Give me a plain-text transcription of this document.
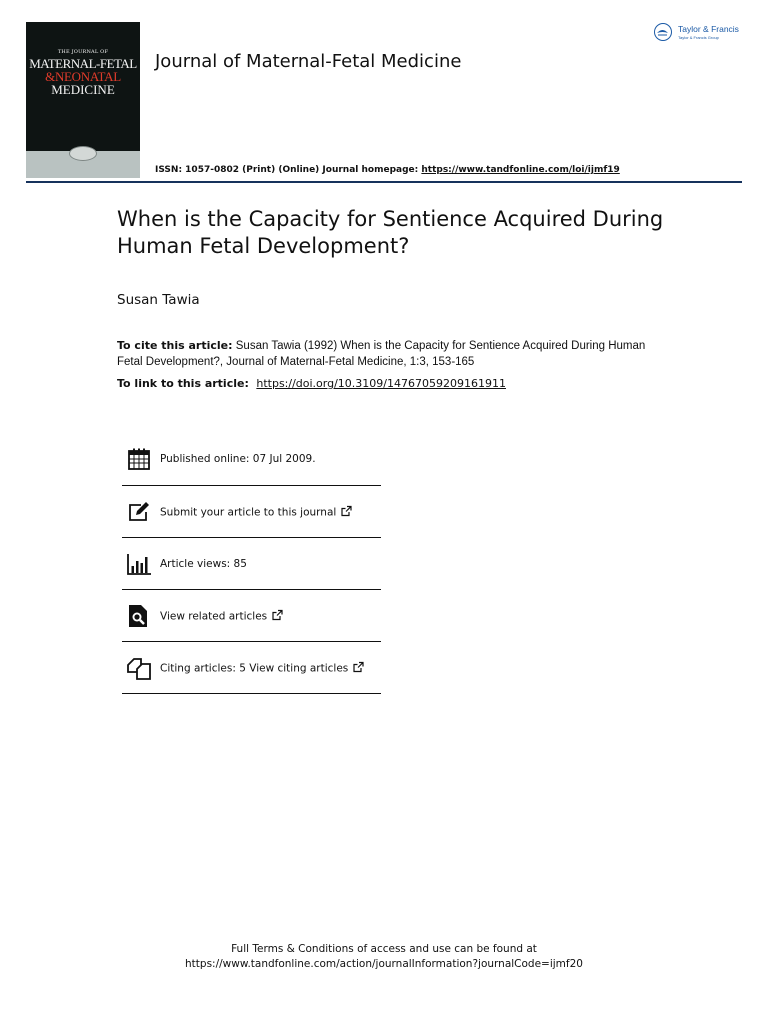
THE JOURNAL OF
MATERNAL-FETAL
&NEONATAL
MEDICINE
Journal of Maternal-Fetal Medicine
Taylor & Francis
Taylor & Francis Group
ISSN: 1057-0802 (Print) (Online) Journal homepage: https://www.tandfonline.com/loi/ijmf19
When is the Capacity for Sentience Acquired During Human Fetal Development?
Susan Tawia
To cite this article: Susan Tawia (1992) When is the Capacity for Sentience Acquired During Human Fetal Development?, Journal of Maternal-Fetal Medicine, 1:3, 153-165
To link to this article: https://doi.org/10.3109/14767059209161911
Published online: 07 Jul 2009.
Submit your article to this journal
Article views: 85
View related articles
Citing articles: 5 View citing articles
Full Terms & Conditions of access and use can be found at
https://www.tandfonline.com/action/journalInformation?journalCode=ijmf20
